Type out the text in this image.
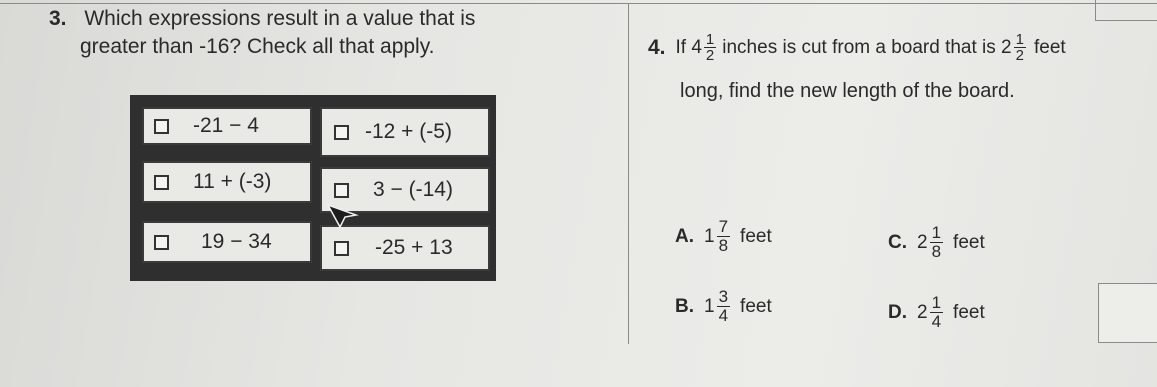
3. Which expressions result in a value that is
greater than -16? Check all that apply.
-21 − 4	-12 + (-5)
11 + (-3)	3 − (-14)
19 − 34	-25 + 13
4. If $4 \frac{1}{2}$ inches is cut from a board that is $2 \frac{1}{2}$ feet
long, find the new length of the board.
A. $1 \frac{7}{8}$ feet
B. $1 \frac{3}{4}$ feet
C. $2 \frac{1}{8}$ feet
D. $2 \frac{1}{4}$ feet
